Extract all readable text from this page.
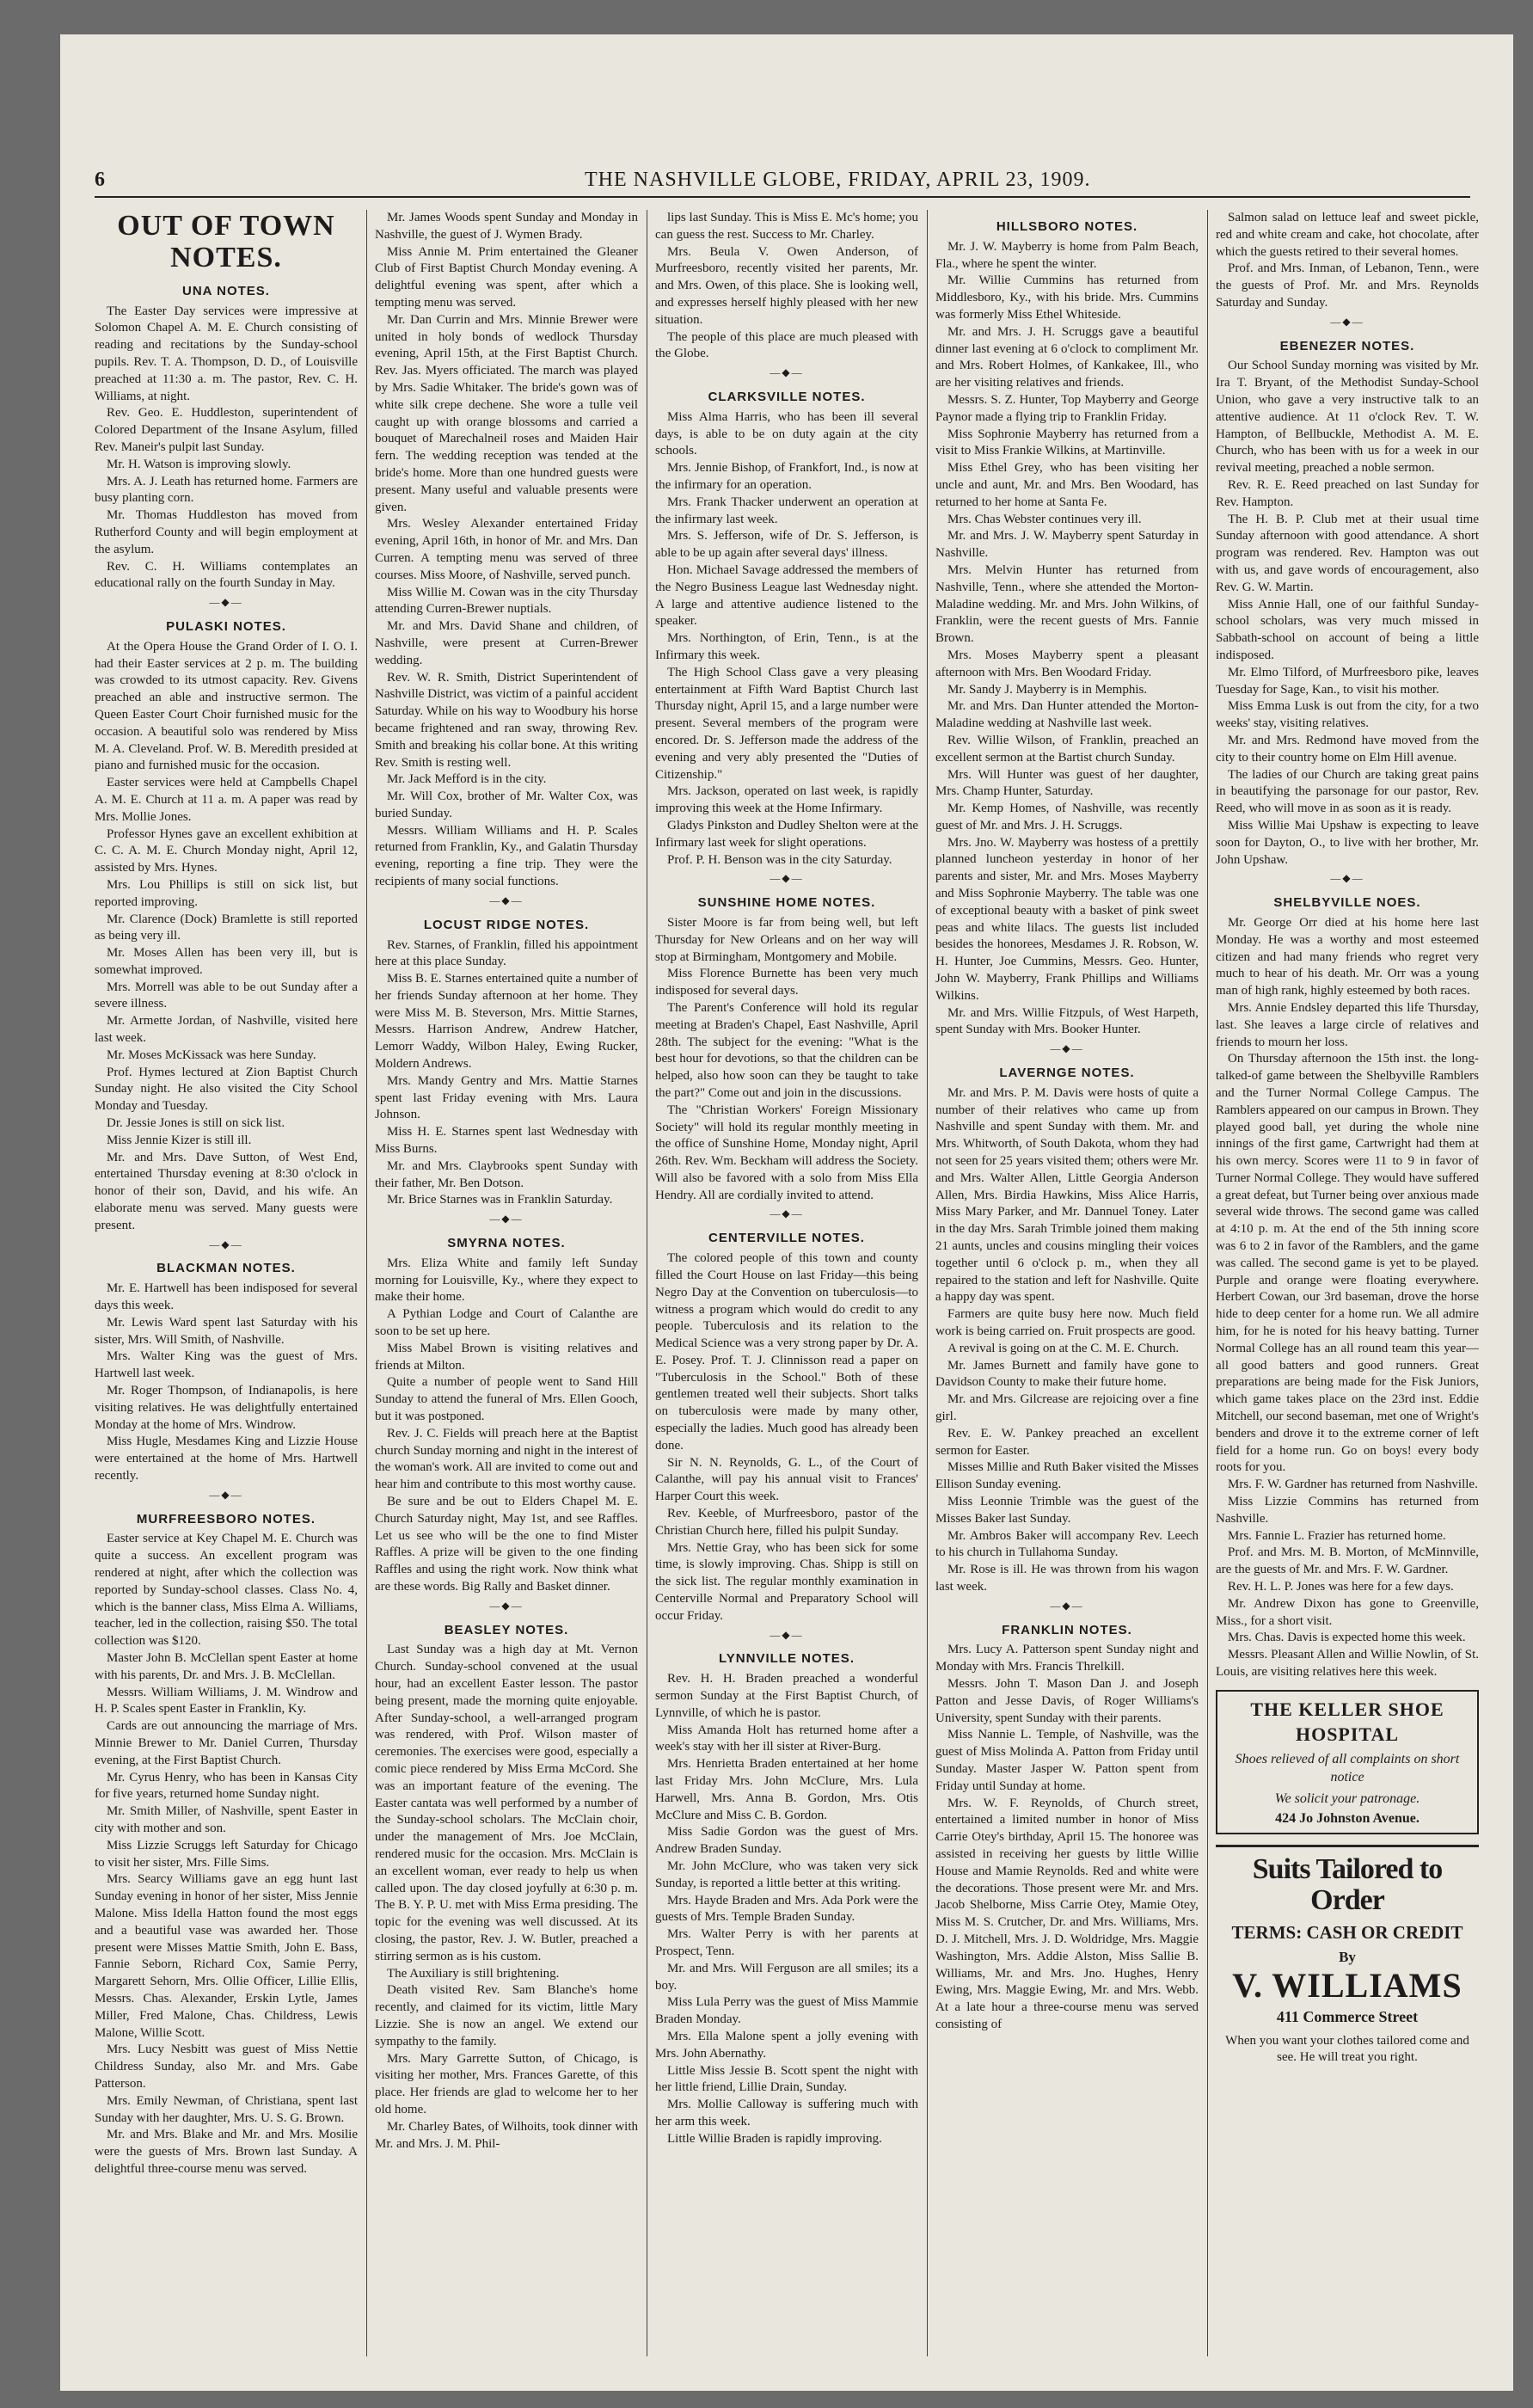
6	THE NASHVILLE GLOBE, FRIDAY, APRIL 23, 1909.
OUT OF TOWN NOTES.
UNA NOTES.

The Easter Day services were impressive at Solomon Chapel A. M. E. Church consisting of reading and recitations by the Sunday-school pupils. Rev. T. A. Thompson, D. D., of Louisville preached at 11:30 a. m. The pastor, Rev. C. H. Williams, at night.

Rev. Geo. E. Huddleston, superintendent of Colored Department of the Insane Asylum, filled Rev. Maneir's pulpit last Sunday.

Mr. H. Watson is improving slowly.

Mrs. A. J. Leath has returned home. Farmers are busy planting corn.

Mr. Thomas Huddleston has moved from Rutherford County and will begin employment at the asylum.

Rev. C. H. Williams contemplates an educational rally on the fourth Sunday in May.

—◆—
PULASKI NOTES.

At the Opera House the Grand Order of I. O. I. had their Easter services at 2 p. m. The building was crowded to its utmost capacity. Rev. Givens preached an able and instructive sermon. The Queen Easter Court Choir furnished music for the occasion. A beautiful solo was rendered by Miss M. A. Cleveland. Prof. W. B. Meredith presided at piano and furnished music for the occasion.

Easter services were held at Campbells Chapel A. M. E. Church at 11 a. m. A paper was read by Mrs. Mollie Jones.

Professor Hynes gave an excellent exhibition at C. C. A. M. E. Church Monday night, April 12, assisted by Mrs. Hynes.

Mrs. Lou Phillips is still on sick list, but reported improving.

Mr. Clarence (Dock) Bramlette is still reported as being very ill.

Mr. Moses Allen has been very ill, but is somewhat improved.

Mrs. Morrell was able to be out Sunday after a severe illness.

Mr. Armette Jordan, of Nashville, visited here last week.

Mr. Moses McKissack was here Sunday.

Prof. Hymes lectured at Zion Baptist Church Sunday night. He also visited the City School Monday and Tuesday.

Dr. Jessie Jones is still on sick list.

Miss Jennie Kizer is still ill.

Mr. and Mrs. Dave Sutton, of West End, entertained Thursday evening at 8:30 o'clock in honor of their son, David, and his wife. An elaborate menu was served. Many guests were present.

—◆—
BLACKMAN NOTES.

Mr. E. Hartwell has been indisposed for several days this week.

Mr. Lewis Ward spent last Saturday with his sister, Mrs. Will Smith, of Nashville.

Mrs. Walter King was the guest of Mrs. Hartwell last week.

Mr. Roger Thompson, of Indianapolis, is here visiting relatives. He was delightfully entertained Monday at the home of Mrs. Windrow.

Miss Hugle, Mesdames King and Lizzie House were entertained at the home of Mrs. Hartwell recently.

—◆—
MURFREESBORO NOTES.

Easter service at Key Chapel M. E. Church was quite a success. An excellent program was rendered at night, after which the collection was reported by Sunday-school classes. Class No. 4, which is the banner class, Miss Elma A. Williams, teacher, led in the collection, raising $50. The total collection was $120.

Master John B. McClellan spent Easter at home with his parents, Dr. and Mrs. J. B. McClellan.

Messrs. William Williams, J. M. Windrow and H. P. Scales spent Easter in Franklin, Ky.

Cards are out announcing the marriage of Mrs. Minnie Brewer to Mr. Daniel Curren, Thursday evening, at the First Baptist Church.

Mr. Cyrus Henry, who has been in Kansas City for five years, returned home Sunday night.

Mr. Smith Miller, of Nashville, spent Easter in city with mother and son.

Miss Lizzie Scruggs left Saturday for Chicago to visit her sister, Mrs. Fille Sims.

Mrs. Searcy Williams gave an egg hunt last Sunday evening in honor of her sister, Miss Jennie Malone. Miss Idella Hatton found the most eggs and a beautiful vase was awarded her. Those present were Misses Mattie Smith, John E. Bass, Fannie Seborn, Richard Cox, Samie Perry, Margarett Sehorn, Mrs. Ollie Officer, Lillie Ellis, Messrs. Chas. Alexander, Erskin Lytle, James Miller, Fred Malone, Chas. Childress, Lewis Malone, Willie Scott.

Mrs. Lucy Nesbitt was guest of Miss Nettie Childress Sunday, also Mr. and Mrs. Gabe Patterson.

Mrs. Emily Newman, of Christiana, spent last Sunday with her daughter, Mrs. U. S. G. Brown.

Mr. and Mrs. Blake and Mr. and Mrs. Mosilie were the guests of Mrs. Brown last Sunday. A delightful three-course menu was served.

Mr. James Woods spent Sunday and Monday in Nashville, the guest of J. Wymen Brady.

Miss Annie M. Prim entertained the Gleaner Club of First Baptist Church Monday evening. A delightful evening was spent, after which a tempting menu was served.

Mr. Dan Currin and Mrs. Minnie Brewer were united in holy bonds of wedlock Thursday evening, April 15th, at the First Baptist Church. Rev. Jas. Myers officiated. The march was played by Mrs. Sadie Whitaker. The bride's gown was of white silk crepe dechene. She wore a tulle veil caught up with orange blossoms and carried a bouquet of Marechalneil roses and Maiden Hair fern. The wedding reception was tended at the bride's home. More than one hundred guests were present. Many useful and valuable presents were given.

Mrs. Wesley Alexander entertained Friday evening, April 16th, in honor of Mr. and Mrs. Dan Curren. A tempting menu was served of three courses. Miss Moore, of Nashville, served punch.

Miss Willie M. Cowan was in the city Thursday attending Curren-Brewer nuptials.

Mr. and Mrs. David Shane and children, of Nashville, were present at Curren-Brewer wedding.

Rev. W. R. Smith, District Superintendent of Nashville District, was victim of a painful accident Saturday. While on his way to Woodbury his horse became frightened and ran sway, throwing Rev. Smith and breaking his collar bone. At this writing Rev. Smith is resting well.

Mr. Jack Mefford is in the city.

Mr. Will Cox, brother of Mr. Walter Cox, was buried Sunday.

Messrs. William Williams and H. P. Scales returned from Franklin, Ky., and Galatin Thursday evening, reporting a fine trip. They were the recipients of many social functions.

—◆—
LOCUST RIDGE NOTES.

Rev. Starnes, of Franklin, filled his appointment here at this place Sunday.

Miss B. E. Starnes entertained quite a number of her friends Sunday afternoon at her home. They were Miss M. B. Steverson, Mrs. Mittie Starnes, Messrs. Harrison Andrew, Andrew Hatcher, Lemorr Waddy, Wilbon Haley, Ewing Rucker, Moldern Andrews.

Mrs. Mandy Gentry and Mrs. Mattie Starnes spent last Friday evening with Mrs. Laura Johnson.

Miss H. E. Starnes spent last Wednesday with Miss Burns.

Mr. and Mrs. Claybrooks spent Sunday with their father, Mr. Ben Dotson.

Mr. Brice Starnes was in Franklin Saturday.

—◆—
SMYRNA NOTES.

Mrs. Eliza White and family left Sunday morning for Louisville, Ky., where they expect to make their home.

A Pythian Lodge and Court of Calanthe are soon to be set up here.

Miss Mabel Brown is visiting relatives and friends at Milton.

Quite a number of people went to Sand Hill Sunday to attend the funeral of Mrs. Ellen Gooch, but it was postponed.

Rev. J. C. Fields will preach here at the Baptist church Sunday morning and night in the interest of the woman's work. All are invited to come out and hear him and contribute to this most worthy cause.

Be sure and be out to Elders Chapel M. E. Church Saturday night, May 1st, and see Raffles. Let us see who will be the one to find Mister Raffles. A prize will be given to the one finding Raffles and using the right work. Now think what are these words. Big Rally and Basket dinner.

—◆—
BEASLEY NOTES.

Last Sunday was a high day at Mt. Vernon Church. Sunday-school convened at the usual hour, had an excellent Easter lesson. The pastor being present, made the morning quite enjoyable. After Sunday-school, a well-arranged program was rendered, with Prof. Wilson master of ceremonies. The exercises were good, especially a comic piece rendered by Miss Erma McCord. She was an important feature of the evening. The Easter cantata was well performed by a number of the Sunday-school scholars. The McClain choir, under the management of Mrs. Joe McClain, rendered music for the occasion. Mrs. McClain is an excellent woman, ever ready to help us when called upon. The day closed joyfully at 6:30 p. m. The B. Y. P. U. met with Miss Erma presiding. The topic for the evening was well discussed. At its closing, the pastor, Rev. J. W. Butler, preached a stirring sermon as is his custom.

The Auxiliary is still brightening.

Death visited Rev. Sam Blanche's home recently, and claimed for its victim, little Mary Lizzie. She is now an angel. We extend our sympathy to the family.

Mrs. Mary Garrette Sutton, of Chicago, is visiting her mother, Mrs. Frances Garette, of this place. Her friends are glad to welcome her to her old home.

Mr. Charley Bates, of Wilhoits, took dinner with Mr. and Mrs. J. M. Phil-

lips last Sunday. This is Miss E. Mc's home; you can guess the rest. Success to Mr. Charley.

Mrs. Beula V. Owen Anderson, of Murfreesboro, recently visited her parents, Mr. and Mrs. Owen, of this place. She is looking well, and expresses herself highly pleased with her new situation.

The people of this place are much pleased with the Globe.

—◆—
CLARKSVILLE NOTES.

Miss Alma Harris, who has been ill several days, is able to be on duty again at the city schools.

Mrs. Jennie Bishop, of Frankfort, Ind., is now at the infirmary for an operation.

Mrs. Frank Thacker underwent an operation at the infirmary last week.

Mrs. S. Jefferson, wife of Dr. S. Jefferson, is able to be up again after several days' illness.

Hon. Michael Savage addressed the members of the Negro Business League last Wednesday night. A large and attentive audience listened to the speaker.

Mrs. Northington, of Erin, Tenn., is at the Infirmary this week.

The High School Class gave a very pleasing entertainment at Fifth Ward Baptist Church last Thursday night, April 15, and a large number were present. Several members of the program were encored. Dr. S. Jefferson made the address of the evening and very ably presented the "Duties of Citizenship."

Mrs. Jackson, operated on last week, is rapidly improving this week at the Home Infirmary.

Gladys Pinkston and Dudley Shelton were at the Infirmary last week for slight operations.

Prof. P. H. Benson was in the city Saturday.

—◆—
SUNSHINE HOME NOTES.

Sister Moore is far from being well, but left Thursday for New Orleans and on her way will stop at Birmingham, Montgomery and Mobile.

Miss Florence Burnette has been very much indisposed for several days.

The Parent's Conference will hold its regular meeting at Braden's Chapel, East Nashville, April 28th. The subject for the evening: "What is the best hour for devotions, so that the children can be helped, also how soon can they be taught to take the part?" Come out and join in the discussions.

The "Christian Workers' Foreign Missionary Society" will hold its regular monthly meeting in the office of Sunshine Home, Monday night, April 26th. Rev. Wm. Beckham will address the Society. Will also be favored with a solo from Miss Ella Hendry. All are cordially invited to attend.

—◆—
CENTERVILLE NOTES.

The colored people of this town and county filled the Court House on last Friday—this being Negro Day at the Convention on tuberculosis—to witness a program which would do credit to any people. Tuberculosis and its relation to the Medical Science was a very strong paper by Dr. A. E. Posey. Prof. T. J. Clinnisson read a paper on "Tuberculosis in the School." Both of these gentlemen treated well their subjects. Short talks on tuberculosis were made by many other, especially the ladies. Much good has already been done.

Sir N. N. Reynolds, G. L., of the Court of Calanthe, will pay his annual visit to Frances' Harper Court this week.

Rev. Keeble, of Murfreesboro, pastor of the Christian Church here, filled his pulpit Sunday.

Mrs. Nettie Gray, who has been sick for some time, is slowly improving. Chas. Shipp is still on the sick list. The regular monthly examination in Centerville Normal and Preparatory School will occur Friday.

—◆—
LYNNVILLE NOTES.

Rev. H. H. Braden preached a wonderful sermon Sunday at the First Baptist Church, of Lynnville, of which he is pastor.

Miss Amanda Holt has returned home after a week's stay with her ill sister at River-Burg.

Mrs. Henrietta Braden entertained at her home last Friday Mrs. John McClure, Mrs. Lula Harwell, Mrs. Anna B. Gordon, Mrs. Otis McClure and Miss C. B. Gordon.

Miss Sadie Gordon was the guest of Mrs. Andrew Braden Sunday.

Mr. John McClure, who was taken very sick Sunday, is reported a little better at this writing.

Mrs. Hayde Braden and Mrs. Ada Pork were the guests of Mrs. Temple Braden Sunday.

Mrs. Walter Perry is with her parents at Prospect, Tenn.

Mr. and Mrs. Will Ferguson are all smiles; its a boy.

Miss Lula Perry was the guest of Miss Mammie Braden Monday.

Mrs. Ella Malone spent a jolly evening with Mrs. John Abernathy.

Little Miss Jessie B. Scott spent the night with her little friend, Lillie Drain, Sunday.

Mrs. Mollie Calloway is suffering much with her arm this week.

Little Willie Braden is rapidly improving.

HILLSBORO NOTES.

Mr. J. W. Mayberry is home from Palm Beach, Fla., where he spent the winter.

Mr. Willie Cummins has returned from Middlesboro, Ky., with his bride. Mrs. Cummins was formerly Miss Ethel Whiteside.

Mr. and Mrs. J. H. Scruggs gave a beautiful dinner last evening at 6 o'clock to compliment Mr. and Mrs. Robert Holmes, of Kankakee, Ill., who are her visiting relatives and friends.

Messrs. S. Z. Hunter, Top Mayberry and George Paynor made a flying trip to Franklin Friday.

Miss Sophronie Mayberry has returned from a visit to Miss Frankie Wilkins, at Martinville.

Miss Ethel Grey, who has been visiting her uncle and aunt, Mr. and Mrs. Ben Woodard, has returned to her home at Santa Fe.

Mrs. Chas Webster continues very ill.

Mr. and Mrs. J. W. Mayberry spent Saturday in Nashville.

Mrs. Melvin Hunter has returned from Nashville, Tenn., where she attended the Morton-Maladine wedding. Mr. and Mrs. John Wilkins, of Franklin, were the recent guests of Mrs. Fannie Brown.

Mrs. Moses Mayberry spent a pleasant afternoon with Mrs. Ben Woodard Friday.

Mr. Sandy J. Mayberry is in Memphis.

Mr. and Mrs. Dan Hunter attended the Morton-Maladine wedding at Nashville last week.

Rev. Willie Wilson, of Franklin, preached an excellent sermon at the Bartist church Sunday.

Mrs. Will Hunter was guest of her daughter, Mrs. Champ Hunter, Saturday.

Mr. Kemp Homes, of Nashville, was recently guest of Mr. and Mrs. J. H. Scruggs.

Mrs. Jno. W. Mayberry was hostess of a prettily planned luncheon yesterday in honor of her parents and sister, Mr. and Mrs. Moses Mayberry and Miss Sophronie Mayberry. The table was one of exceptional beauty with a basket of pink sweet peas and white lilacs. The guests list included besides the honorees, Mesdames J. R. Robson, W. H. Hunter, Joe Cummins, Messrs. Geo. Hunter, John W. Mayberry, Frank Phillips and Williams Wilkins.

Mr. and Mrs. Willie Fitzpuls, of West Harpeth, spent Sunday with Mrs. Booker Hunter.

—◆—
LAVERNGE NOTES.

Mr. and Mrs. P. M. Davis were hosts of quite a number of their relatives who came up from Nashville and spent Sunday with them. Mr. and Mrs. Whitworth, of South Dakota, whom they had not seen for 25 years visited them; others were Mr. and Mrs. Walter Allen, Little Georgia Anderson Allen, Mrs. Birdia Hawkins, Miss Alice Harris, Miss Mary Parker, and Mr. Dannuel Toney. Later in the day Mrs. Sarah Trimble joined them making 21 aunts, uncles and cousins mingling their voices together until 6 o'clock p. m., when they all repaired to the station and left for Nashville. Quite a happy day was spent.

Farmers are quite busy here now. Much field work is being carried on. Fruit prospects are good.

A revival is going on at the C. M. E. Church.

Mr. James Burnett and family have gone to Davidson County to make their future home.

Mr. and Mrs. Gilcrease are rejoicing over a fine girl.

Rev. E. W. Pankey preached an excellent sermon for Easter.

Misses Millie and Ruth Baker visited the Misses Ellison Sunday evening.

Miss Leonnie Trimble was the guest of the Misses Baker last Sunday.

Mr. Ambros Baker will accompany Rev. Leech to his church in Tullahoma Sunday.

Mr. Rose is ill. He was thrown from his wagon last week.

—◆—
FRANKLIN NOTES.

Mrs. Lucy A. Patterson spent Sunday night and Monday with Mrs. Francis Threlkill.

Messrs. John T. Mason Dan J. and Joseph Patton and Jesse Davis, of Roger Williams's University, spent Sunday with their parents.

Miss Nannie L. Temple, of Nashville, was the guest of Miss Molinda A. Patton from Friday until Sunday. Master Jasper W. Patton spent from Friday until Sunday at home.

Mrs. W. F. Reynolds, of Church street, entertained a limited number in honor of Miss Carrie Otey's birthday, April 15. The honoree was assisted in receiving her guests by little Willie House and Mamie Reynolds. Red and white were the decorations. Those present were Mr. and Mrs. Jacob Shelborne, Miss Carrie Otey, Mamie Otey, Miss M. S. Crutcher, Dr. and Mrs. Williams, Mrs. D. J. Mitchell, Mrs. J. D. Woldridge, Mrs. Maggie Washington, Mrs. Addie Alston, Miss Sallie B. Williams, Mr. and Mrs. Jno. Hughes, Henry Ewing, Mrs. Maggie Ewing, Mr. and Mrs. Webb. At a late hour a three-course menu was served consisting of

Salmon salad on lettuce leaf and sweet pickle, red and white cream and cake, hot chocolate, after which the guests retired to their several homes.

Prof. and Mrs. Inman, of Lebanon, Tenn., were the guests of Prof. Mr. and Mrs. Reynolds Saturday and Sunday.

—◆—
EBENEZER NOTES.

Our School Sunday morning was visited by Mr. Ira T. Bryant, of the Methodist Sunday-School Union, who gave a very instructive talk to an attentive audience. At 11 o'clock Rev. T. W. Hampton, of Bellbuckle, Methodist A. M. E. Church, who has been with us for a week in our revival meeting, preached a noble sermon.

Rev. R. E. Reed preached on last Sunday for Rev. Hampton.

The H. B. P. Club met at their usual time Sunday afternoon with good attendance. A short program was rendered. Rev. Hampton was out with us, and gave words of encouragement, also Rev. G. W. Martin.

Miss Annie Hall, one of our faithful Sunday-school scholars, was very much missed in Sabbath-school on account of being a little indisposed.

Mr. Elmo Tilford, of Murfreesboro pike, leaves Tuesday for Sage, Kan., to visit his mother.

Miss Emma Lusk is out from the city, for a two weeks' stay, visiting relatives.

Mr. and Mrs. Redmond have moved from the city to their country home on Elm Hill avenue.

The ladies of our Church are taking great pains in beautifying the parsonage for our pastor, Rev. Reed, who will move in as soon as it is ready.

Miss Willie Mai Upshaw is expecting to leave soon for Dayton, O., to live with her brother, Mr. John Upshaw.

—◆—
SHELBYVILLE NOES.

Mr. George Orr died at his home here last Monday. He was a worthy and most esteemed citizen and had many friends who regret very much to hear of his death. Mr. Orr was a young man of high rank, highly esteemed by both races.

Mrs. Annie Endsley departed this life Thursday, last. She leaves a large circle of relatives and friends to mourn her loss.

On Thursday afternoon the 15th inst. the long-talked-of game between the Shelbyville Ramblers and the Turner Normal College Campus. The Ramblers appeared on our campus in Brown. They played good ball, yet during the whole nine innings of the first game, Cartwright had them at his own mercy. Scores were 11 to 9 in favor of Turner Normal College. They would have suffered a great defeat, but Turner being over anxious made several wide throws. The second game was called at 4:10 p. m. At the end of the 5th inning score was 6 to 2 in favor of the Ramblers, and the game was called. The second game is yet to be played. Purple and orange were floating everywhere. Herbert Cowan, our 3rd baseman, drove the horse hide to deep center for a home run. We all admire him, for he is noted for his heavy batting. Turner Normal College has an all round team this year—all good batters and good runners. Great preparations are being made for the Fisk Juniors, which game takes place on the 23rd inst. Eddie Mitchell, our second baseman, met one of Wright's benders and drove it to the extreme corner of left field for a home run. Go on boys! every body roots for you.

Mrs. F. W. Gardner has returned from Nashville.

Miss Lizzie Commins has returned from Nashville.

Mrs. Fannie L. Frazier has returned home.

Prof. and Mrs. M. B. Morton, of McMinnville, are the guests of Mr. and Mrs. F. W. Gardner.

Rev. H. L. P. Jones was here for a few days.

Mr. Andrew Dixon has gone to Greenville, Miss., for a short visit.

Mrs. Chas. Davis is expected home this week.

Messrs. Pleasant Allen and Willie Nowlin, of St. Louis, are visiting relatives here this week.

THE KELLER SHOE HOSPITAL
Shoes relieved of all complaints on short notice
We solicit your patronage.
424 Jo Johnston Avenue.
Suits Tailored to Order
TERMS: CASH OR CREDIT
By
V. WILLIAMS
411 Commerce Street
When you want your clothes tailored come and see. He will treat you right.
